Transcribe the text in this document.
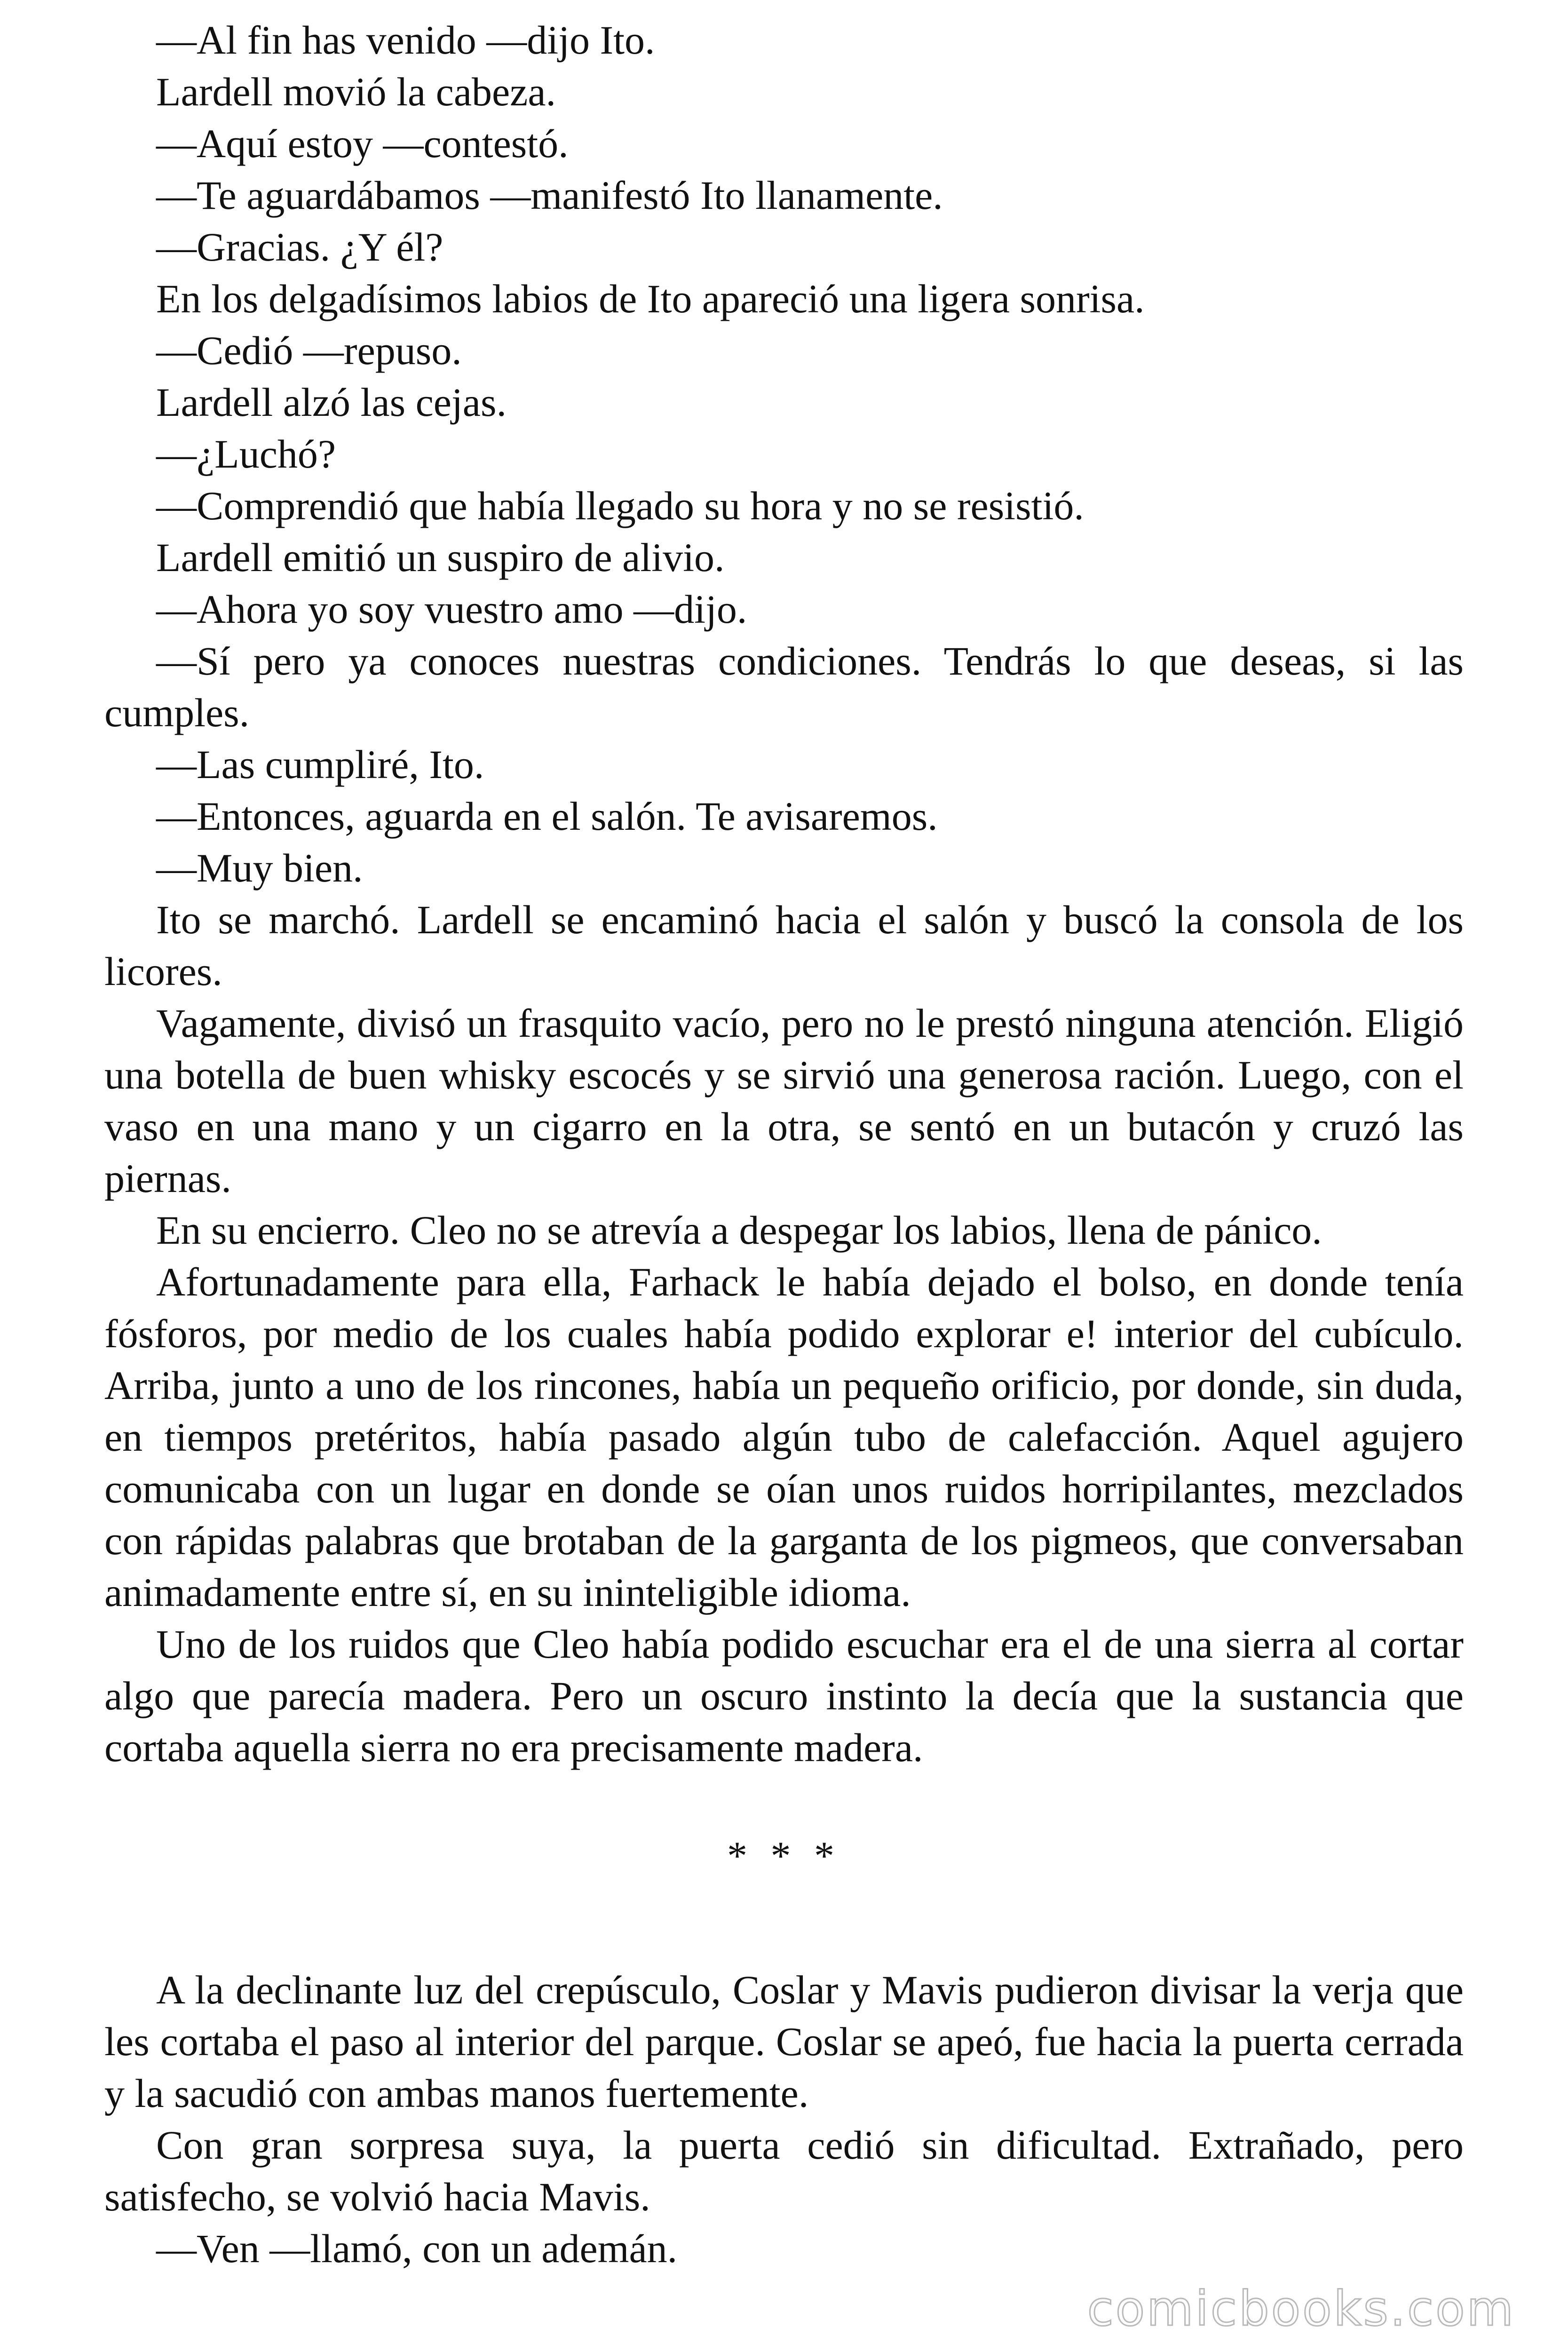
—Al fin has venido —dijo Ito.

Lardell movió la cabeza.

—Aquí estoy —contestó.

—Te aguardábamos —manifestó Ito llanamente.

—Gracias. ¿Y él?

En los delgadísimos labios de Ito apareció una ligera sonrisa.

—Cedió —repuso.

Lardell alzó las cejas.

—¿Luchó?

—Comprendió que había llegado su hora y no se resistió.

Lardell emitió un suspiro de alivio.

—Ahora yo soy vuestro amo —dijo.

—Sí pero ya conoces nuestras condiciones. Tendrás lo que deseas, si las cumples.

—Las cumpliré, Ito.

—Entonces, aguarda en el salón. Te avisaremos.

—Muy bien.

Ito se marchó. Lardell se encaminó hacia el salón y buscó la consola de los licores.

Vagamente, divisó un frasquito vacío, pero no le prestó ninguna atención. Eligió una botella de buen whisky escocés y se sirvió una generosa ración. Luego, con el vaso en una mano y un cigarro en la otra, se sentó en un butacón y cruzó las piernas.

En su encierro. Cleo no se atrevía a despegar los labios, llena de pánico.

Afortunadamente para ella, Farhack le había dejado el bolso, en donde tenía fósforos, por medio de los cuales había podido explorar e! interior del cubículo. Arriba, junto a uno de los rincones, había un pequeño orificio, por donde, sin duda, en tiempos pretéritos, había pasado algún tubo de calefacción. Aquel agujero comunicaba con un lugar en donde se oían unos ruidos horripilantes, mezclados con rápidas palabras que brotaban de la garganta de los pigmeos, que conversaban animadamente entre sí, en su ininteligible idioma.

Uno de los ruidos que Cleo había podido escuchar era el de una sierra al cortar algo que parecía madera. Pero un oscuro instinto la decía que la sustancia que cortaba aquella sierra no era precisamente madera.

* * *

A la declinante luz del crepúsculo, Coslar y Mavis pudieron divisar la verja que les cortaba el paso al interior del parque. Coslar se apeó, fue hacia la puerta cerrada y la sacudió con ambas manos fuertemente.

Con gran sorpresa suya, la puerta cedió sin dificultad. Extrañado, pero satisfecho, se volvió hacia Mavis.

—Ven —llamó, con un ademán.

comicbooks.com
